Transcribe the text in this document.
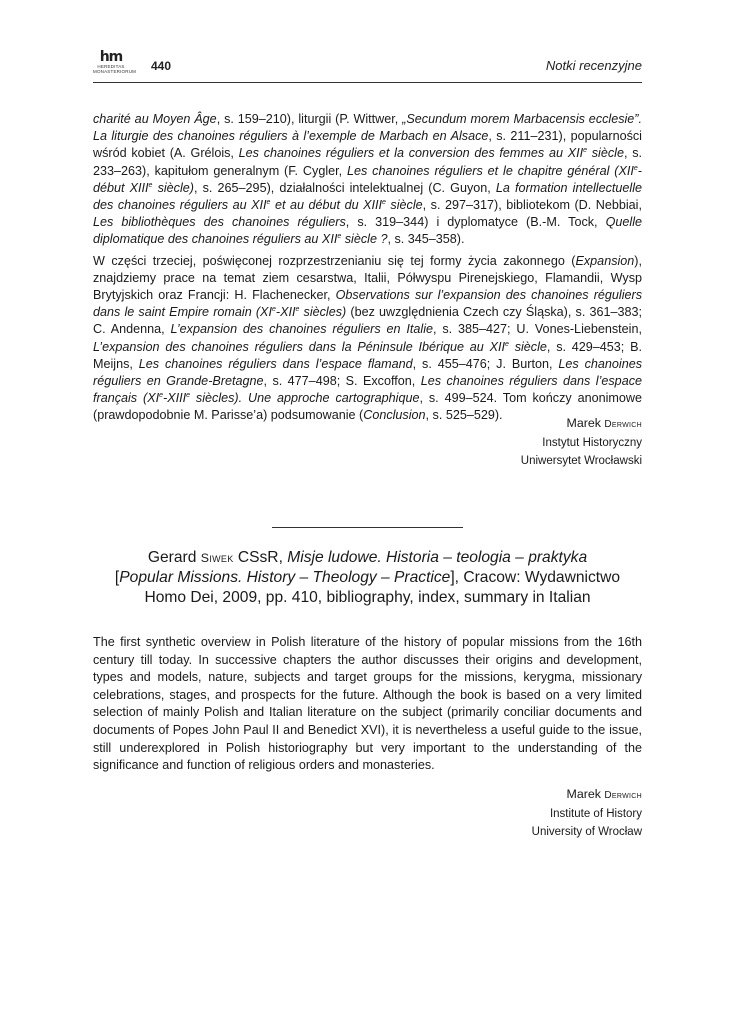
hm
HEREDITAS MONASTERIORUM 440	Notki recenzyjne

charité au Moyen Âge, s. 159–210), liturgii (P. Wittwer, „Secundum morem Marbacensis ecclesie”. La liturgie des chanoines réguliers à l’exemple de Marbach en Alsace, s. 211–231), popularności wśród kobiet (A. Grélois, Les chanoines réguliers et la conversion des femmes au XIIe siècle, s. 233–263), kapitułom generalnym (F. Cygler, Les chanoines réguliers et le chapitre général (XIIe-début XIIIe siècle), s. 265–295), działalności intelektualnej (C. Guyon, La formation intellectuelle des chanoines réguliers au XIIe et au début du XIIIe siècle, s. 297–317), bibliotekom (D. Nebbiai, Les bibliothèques des chanoines réguliers, s. 319–344) i dyplomatyce (B.-M. Tock, Quelle diplomatique des chanoines réguliers au XIIe siècle ?, s. 345–358).

W części trzeciej, poświęconej rozprzestrzenianiu się tej formy życia zakonnego (Expansion), znajdziemy prace na temat ziem cesarstwa, Italii, Półwyspu Pirenejskiego, Flamandii, Wysp Brytyjskich oraz Francji: H. Flachenecker, Observations sur l’expansion des chanoines réguliers dans le saint Empire romain (XIe-XIIe siècles) (bez uwzględnienia Czech czy Śląska), s. 361–383; C. Andenna, L’expansion des chanoines réguliers en Italie, s. 385–427; U. Vones-Liebenstein, L’expansion des chanoines réguliers dans la Péninsule Ibérique au XIIe siècle, s. 429–453; B. Meijns, Les chanoines réguliers dans l’espace flamand, s. 455–476; J. Burton, Les chanoines réguliers en Grande-Bretagne, s. 477–498; S. Excoffon, Les chanoines réguliers dans l’espace français (XIe-XIIIe siècles). Une approche cartographique, s. 499–524. Tom kończy anonimowe (prawdopodobnie M. Parisse’a) podsumowanie (Conclusion, s. 525–529).

Marek Derwich
Instytut Historyczny
Uniwersytet Wrocławski
Gerard Siwek CSsR, Misje ludowe. Historia – teologia – praktyka
[Popular Missions. History – Theology – Practice], Cracow: Wydawnictwo Homo Dei, 2009, pp. 410, bibliography, index, summary in Italian
The first synthetic overview in Polish literature of the history of popular missions from the 16th century till today. In successive chapters the author discusses their origins and development, types and models, nature, subjects and target groups for the missions, kerygma, missionary celebrations, stages, and prospects for the future. Although the book is based on a very limited selection of mainly Polish and Italian literature on the subject (primarily conciliar documents and documents of Popes John Paul II and Benedict XVI), it is nevertheless a useful guide to the issue, still underexplored in Polish historiography but very important to the understanding of the significance and function of religious orders and monasteries.
Marek Derwich
Institute of History
University of Wrocław
